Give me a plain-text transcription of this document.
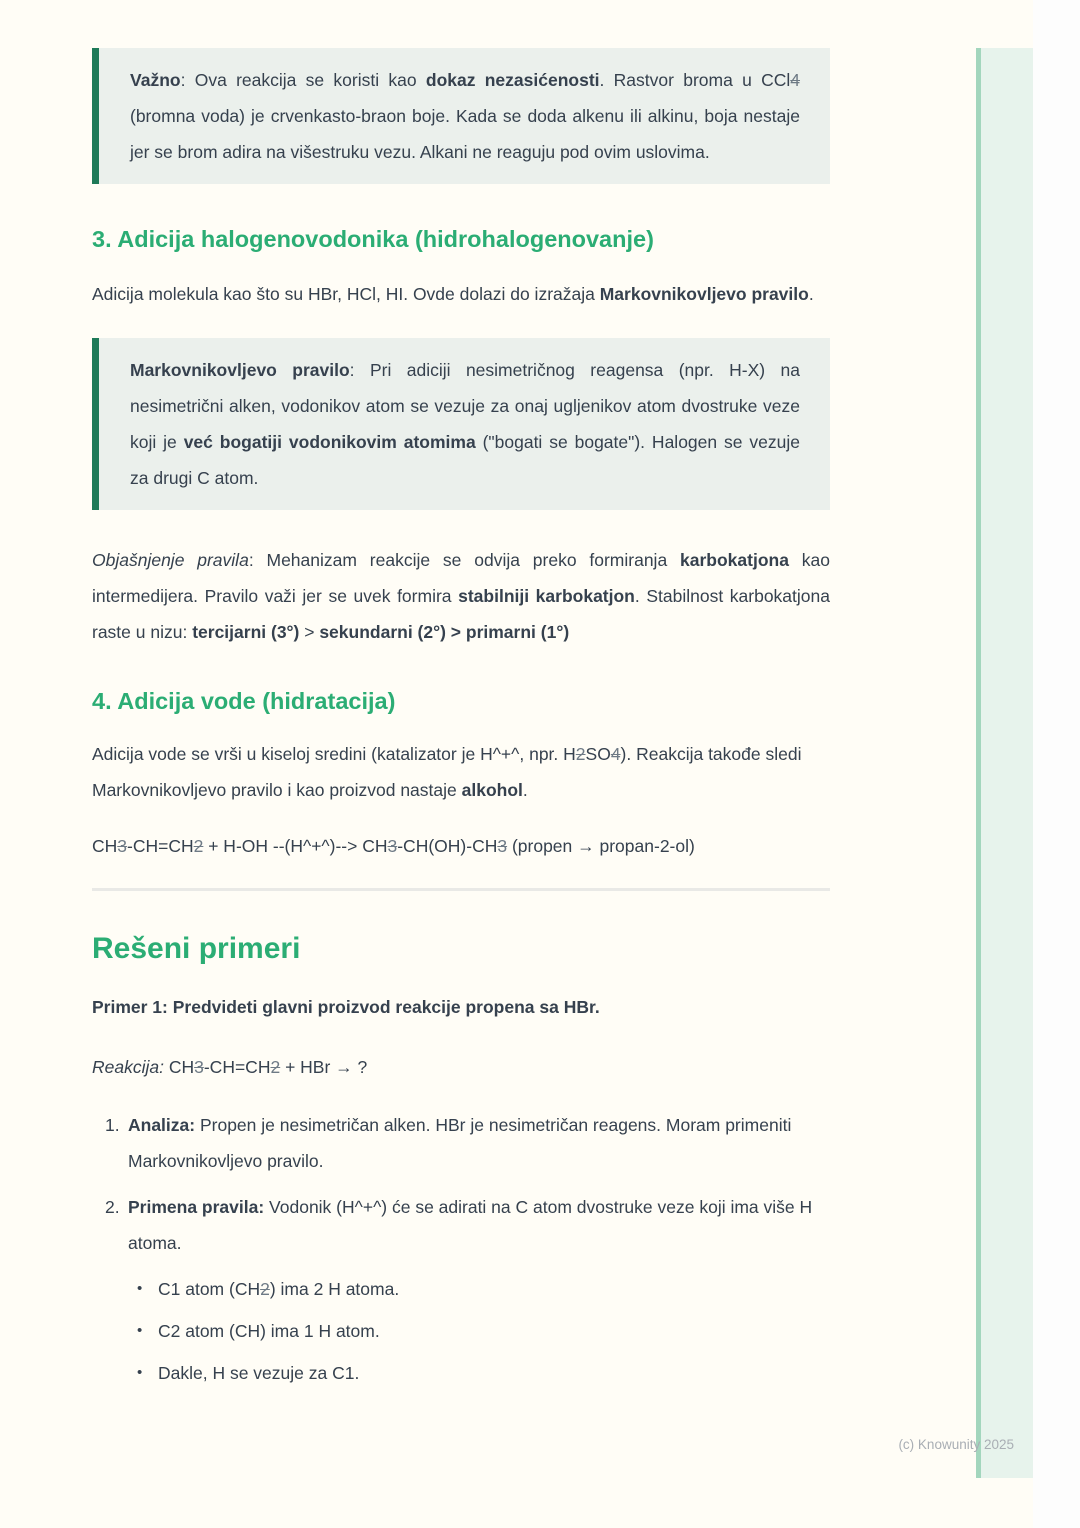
(c) Knowunity 2025

Važno: Ova reakcija se koristi kao dokaz nezasićenosti. Rastvor broma u CCl4 (bromna voda) je crvenkasto-braon boje. Kada se doda alkenu ili alkinu, boja nestaje jer se brom adira na višestruku vezu. Alkani ne reaguju pod ovim uslovima.

3. Adicija halogenovodonika (hidrohalogenovanje)

Adicija molekula kao što su HBr, HCl, HI. Ovde dolazi do izražaja Markovnikovljevo pravilo.

Markovnikovljevo pravilo: Pri adiciji nesimetričnog reagensa (npr. H-X) na nesimetrični alken, vodonikov atom se vezuje za onaj ugljenikov atom dvostruke veze koji je već bogatiji vodonikovim atomima ("bogati se bogate"). Halogen se vezuje za drugi C atom.

Objašnjenje pravila: Mehanizam reakcije se odvija preko formiranja karbokatjona kao intermedijera. Pravilo važi jer se uvek formira stabilniji karbokatjon. Stabilnost karbokatjona raste u nizu: tercijarni (3°) > sekundarni (2°) > primarni (1°)

4. Adicija vode (hidratacija)

Adicija vode se vrši u kiseloj sredini (katalizator je H^+^, npr. H2SO4). Reakcija takođe sledi Markovnikovljevo pravilo i kao proizvod nastaje alkohol.

CH3-CH=CH2 + H-OH --(H^+^)--> CH3-CH(OH)-CH3 (propen → propan-2-ol)

Rešeni primeri

Primer 1: Predvideti glavni proizvod reakcije propena sa HBr.

Reakcija: CH3-CH=CH2 + HBr → ?

1. Analiza: Propen je nesimetričan alken. HBr je nesimetričan reagens. Moram primeniti Markovnikovljevo pravilo.
2. Primena pravila: Vodonik (H^+^) će se adirati na C atom dvostruke veze koji ima više H atoma.
• C1 atom (CH2) ima 2 H atoma.
• C2 atom (CH) ima 1 H atom.
• Dakle, H se vezuje za C1.
